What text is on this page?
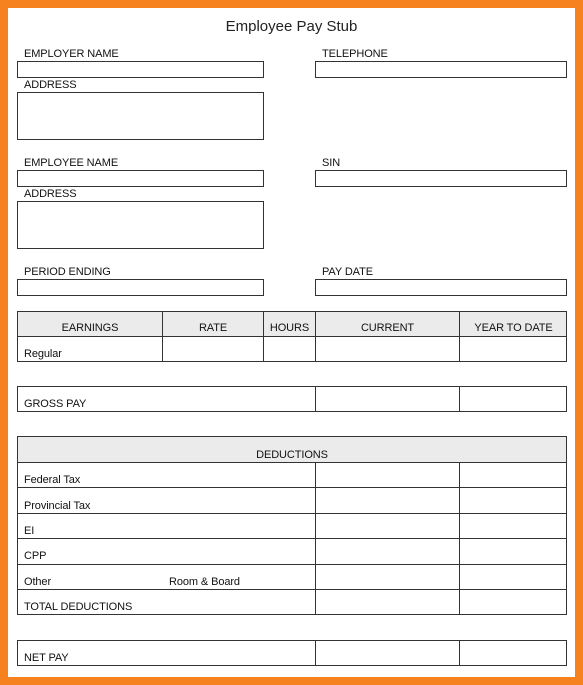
Employee Pay Stub
EMPLOYER NAME	TELEPHONE
ADDRESS
EMPLOYEE NAME	SIN
ADDRESS
PERIOD ENDING	PAY DATE
EARNINGS	RATE	HOURS	CURRENT	YEAR TO DATE
Regular
GROSS PAY
DEDUCTIONS
Federal Tax
Provincial Tax
EI
CPP
Other	Room & Board
TOTAL DEDUCTIONS
NET PAY
